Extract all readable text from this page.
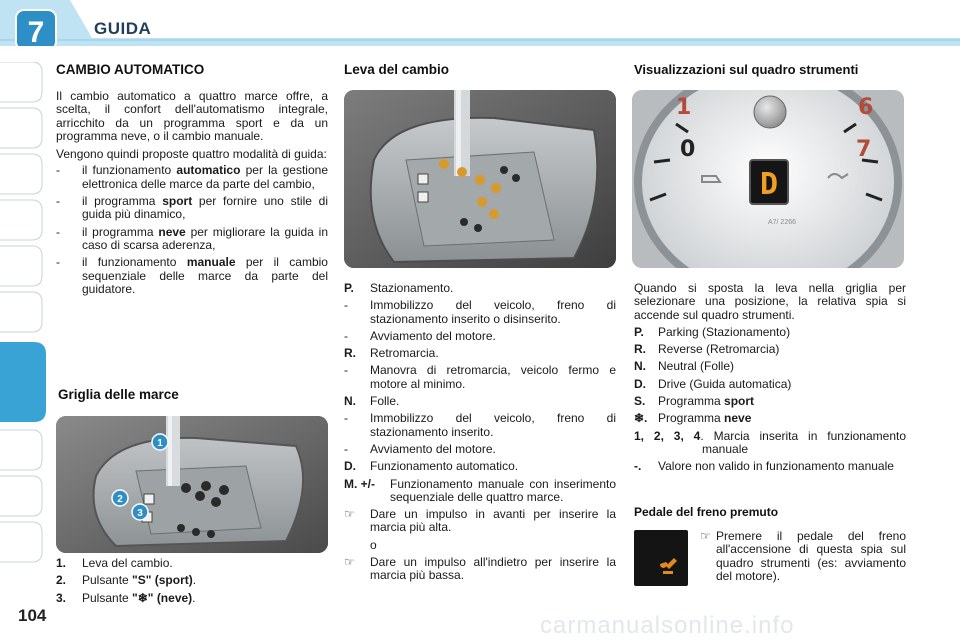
7	GUIDA
CAMBIO AUTOMATICO
Il cambio automatico a quattro marce offre, a scelta, il confort dell'automatismo integrale, arricchito da un programma sport e da un programma neve, o il cambio manuale.
Vengono quindi proposte quattro modalità di guida:
- il funzionamento automatico per la gestione elettronica delle marce da parte del cambio,
- il programma sport per fornire uno stile di guida più dinamico,
- il programma neve per migliorare la guida in caso di scarsa aderenza,
- il funzionamento manuale per il cambio sequenziale delle marce da parte del guidatore.
Griglia delle marce
1
2
3
1. Leva del cambio.
2. Pulsante "S" (sport).
3. Pulsante "❄" (neve).
Leva del cambio
P. Stazionamento.
- Immobilizzo del veicolo, freno di stazionamento inserito o disinserito.
- Avviamento del motore.
R. Retromarcia.
- Manovra di retromarcia, veicolo fermo e motore al minimo.
N. Folle.
- Immobilizzo del veicolo, freno di stazionamento inserito.
- Avviamento del motore.
D. Funzionamento automatico.
M. +/- Funzionamento manuale con inserimento sequenziale delle quattro marce.
☞ Dare un impulso in avanti per inserire la marcia più alta.
o
☞ Dare un impulso all'indietro per inserire la marcia più bassa.
Visualizzazioni sul quadro strumenti
1	6
0	7
D
A7/ 2266
Quando si sposta la leva nella griglia per selezionare una posizione, la relativa spia si accende sul quadro strumenti.
P. Parking (Stazionamento)
R. Reverse (Retromarcia)
N. Neutral (Folle)
D. Drive (Guida automatica)
S. Programma sport
❄. Programma neve
1, 2, 3, 4. Marcia inserita in funzionamento manuale
-. Valore non valido in funzionamento manuale
Pedale del freno premuto
☞ Premere il pedale del freno all'accensione di questa spia sul quadro strumenti (es: avviamento del motore).
104	carmanualsonline.info
